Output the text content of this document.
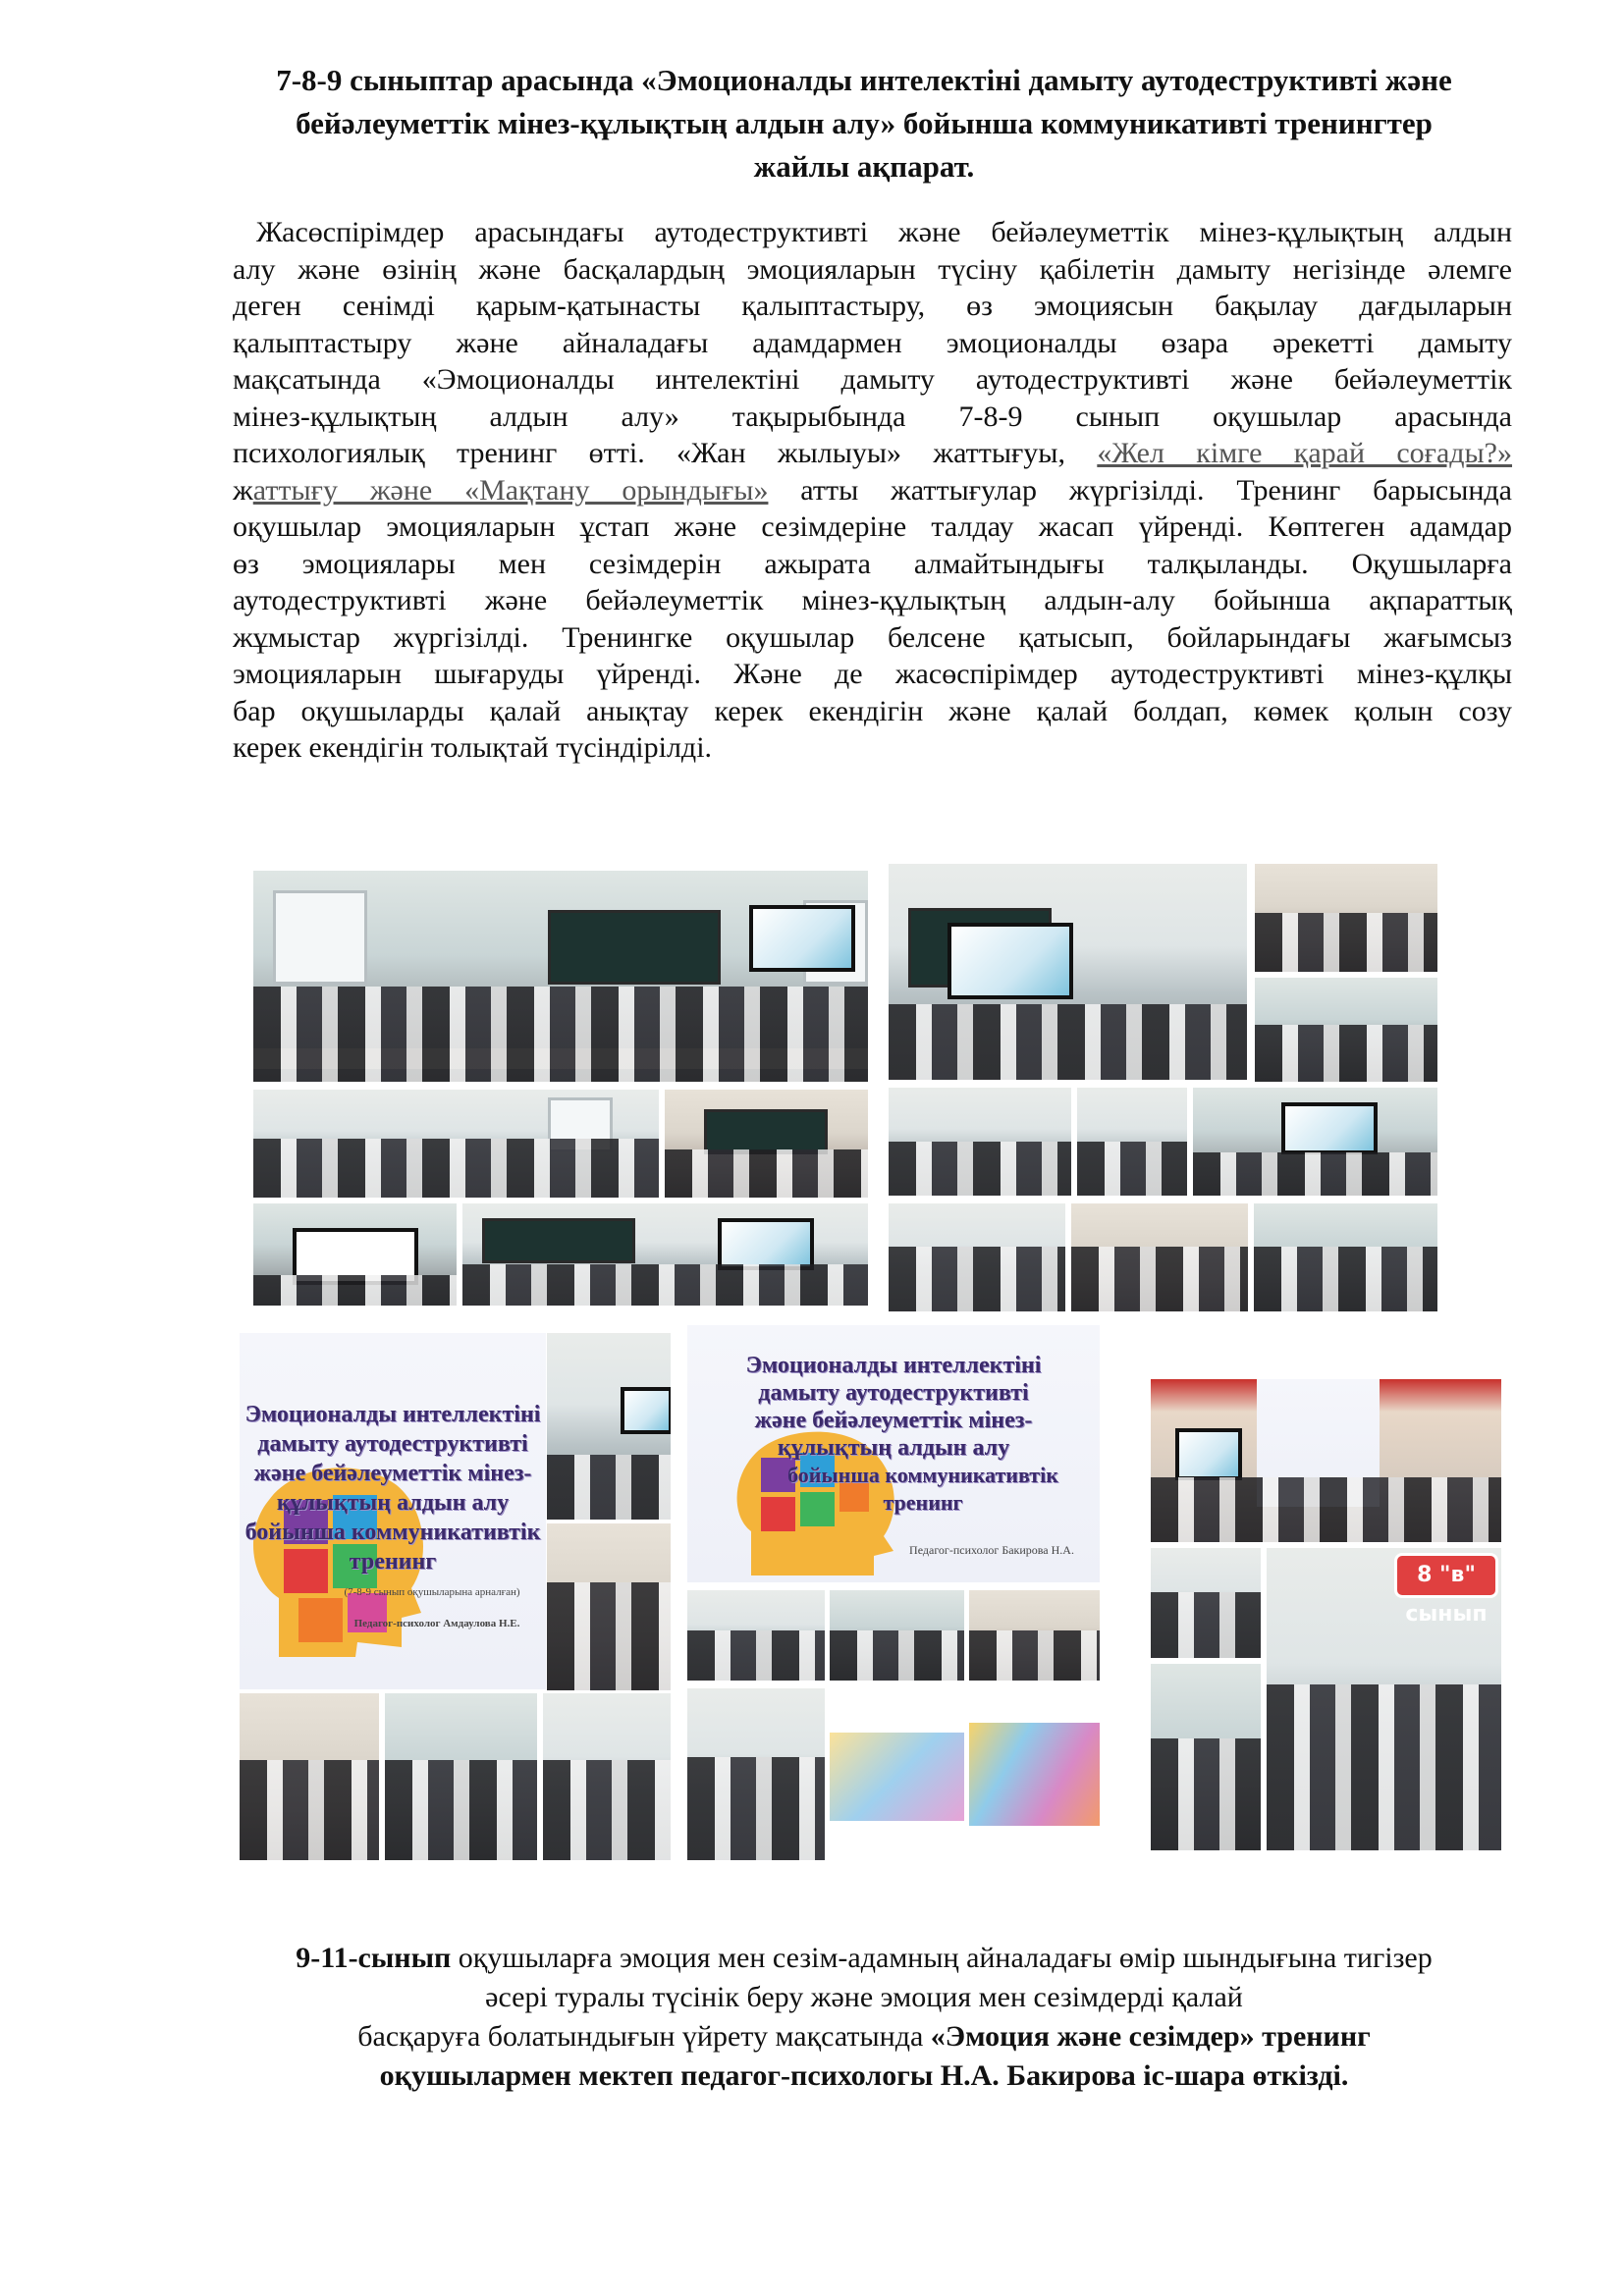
7-8-9 сыныптар арасында «Эмоционалды интелектіні дамыту аутодеструктивті және
бейәлеуметтік мінез-құлықтың алдын алу» бойынша коммуникативті тренингтер
жайлы ақпарат.
Жасөспірімдер арасындағы аутодеструктивті және бейәлеуметтік мінез-құлықтың алдын
алу және өзінің және басқалардың эмоцияларын түсіну қабілетін дамыту негізінде әлемге
деген сенімді қарым-қатынасты қалыптастыру, өз эмоциясын бақылау дағдыларын
қалыптастыру және айналадағы адамдармен эмоционалды өзара әрекетті дамыту
мақсатында «Эмоционалды интелектіні дамыту аутодеструктивті және бейәлеуметтік
мінез-құлықтың алдын алу» тақырыбында 7-8-9 сынып оқушылар арасында
психологиялық тренинг өтті. «Жан жылыуы» жаттығуы, «Жел кімге қарай соғады?»
жаттығу және «Мақтану орындығы» атты жаттығулар жүргізілді. Тренинг барысында
оқушылар эмоцияларын ұстап және сезімдеріне талдау жасап үйренді. Көптеген адамдар
өз эмоциялары мен сезімдерін ажырата алмайтындығы талқыланды. Оқушыларға
аутодеструктивті және бейәлеуметтік мінез-құлықтың алдын-алу бойынша ақпараттық
жұмыстар жүргізілді. Тренингке оқушылар белсене қатысып, бойларындағы жағымсыз
эмоцияларын шығаруды үйренді. Және де жасөспірімдер аутодеструктивті мінез-құлқы
бар оқушыларды қалай анықтау керек екендігін және қалай болдап, көмек қолын созу
керек екендігін толықтай түсіндірілді.
Эмоционалды интеллектіні
дамыту аутодеструктивті
және бейәлеуметтік мінез-
құлықтың алдын алу
бойынша коммуникативтік
тренинг
(7-8-9 сынып оқушыларына арналған)
Педагог-психолог Амдаулова Н.Е.
Эмоционалды интеллектіні
дамыту аутодеструктивті
және бейәлеуметтік мінез-
құлықтың алдын алу
бойынша коммуникативтік
тренинг
Педагог-психолог Бакирова Н.А.
8 "в" сынып
9-11-сынып оқушыларға эмоция мен сезім-адамның айналадағы өмір шындығына тигізер
әсері туралы түсінік беру және эмоция мен сезімдерді қалай
басқаруға болатындығын үйрету мақсатында «Эмоция және сезімдер» тренинг
оқушылармен мектеп педагог-психологы Н.А. Бакирова іс-шара өткізді.
